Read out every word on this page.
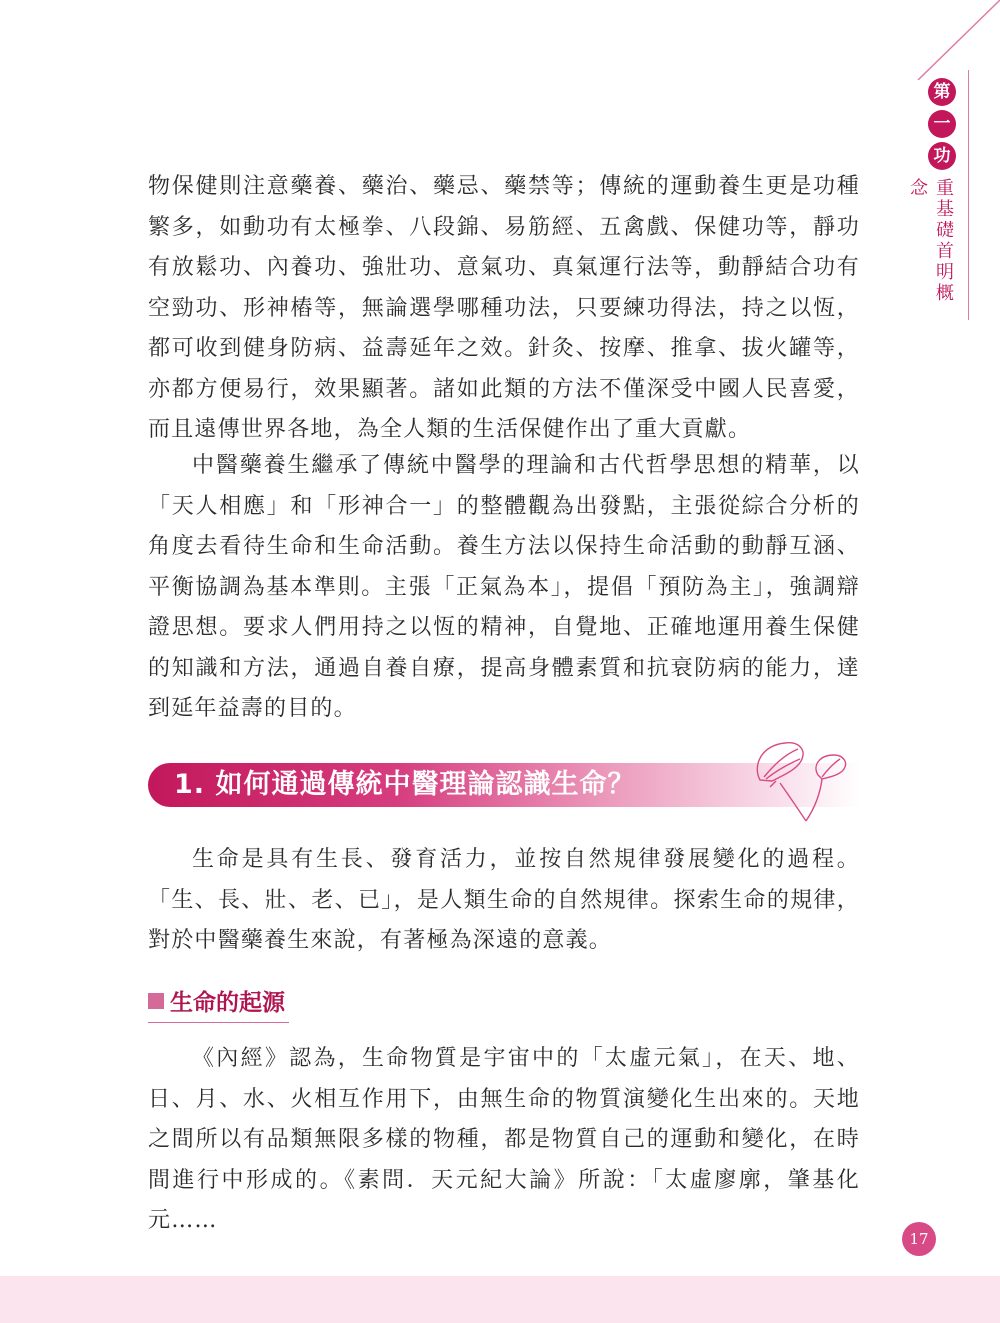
第
一
功
重基礎首明概念

物保健則注意藥養、藥治、藥忌、藥禁等；傳統的運動養生更是功種繁多，如動功有太極拳、八段錦、易筋經、五禽戲、保健功等，靜功有放鬆功、內養功、強壯功、意氣功、真氣運行法等，動靜結合功有空勁功、形神樁等，無論選學哪種功法，只要練功得法，持之以恆，都可收到健身防病、益壽延年之效。針灸、按摩、推拿、拔火罐等，亦都方便易行，效果顯著。諸如此類的方法不僅深受中國人民喜愛，而且遠傳世界各地，為全人類的生活保健作出了重大貢獻。

中醫藥養生繼承了傳統中醫學的理論和古代哲學思想的精華，以「天人相應」和「形神合一」的整體觀為出發點，主張從綜合分析的角度去看待生命和生命活動。養生方法以保持生命活動的動靜互涵、平衡協調為基本準則。主張「正氣為本」，提倡「預防為主」，強調辯證思想。要求人們用持之以恆的精神，自覺地、正確地運用養生保健的知識和方法，通過自養自療，提高身體素質和抗衰防病的能力，達到延年益壽的目的。

1. 如何通過傳統中醫理論認識生命？

生命是具有生長、發育活力，並按自然規律發展變化的過程。「生、長、壯、老、已」，是人類生命的自然規律。探索生命的規律，對於中醫藥養生來說，有著極為深遠的意義。

生命的起源

《內經》認為，生命物質是宇宙中的「太虛元氣」，在天、地、日、月、水、火相互作用下，由無生命的物質演變化生出來的。天地之間所以有品類無限多樣的物種，都是物質自己的運動和變化，在時間進行中形成的。《素問．天元紀大論》所說：「太虛廖廓，肇基化元……

17
